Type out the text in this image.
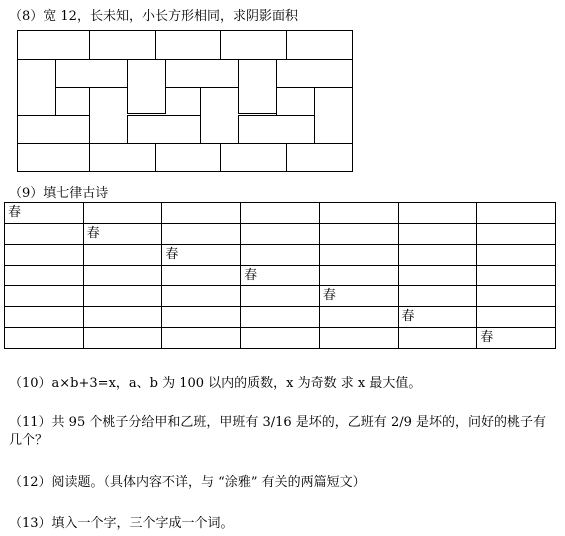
（8）宽 12，长未知，小长方形相同，求阴影面积
（9）填七律古诗
春						
	春					
		春				
			春			
				春		
					春	
						春
（10）a×b+3=x，a、b 为 100 以内的质数，x 为奇数 求 x 最大值。
（11）共 95 个桃子分给甲和乙班，甲班有 3/16 是坏的，乙班有 2/9 是坏的，问好的桃子有
几个？
（12）阅读题。（具体内容不详，与 “涂雅” 有关的两篇短文）
（13）填入一个字，三个字成一个词。
